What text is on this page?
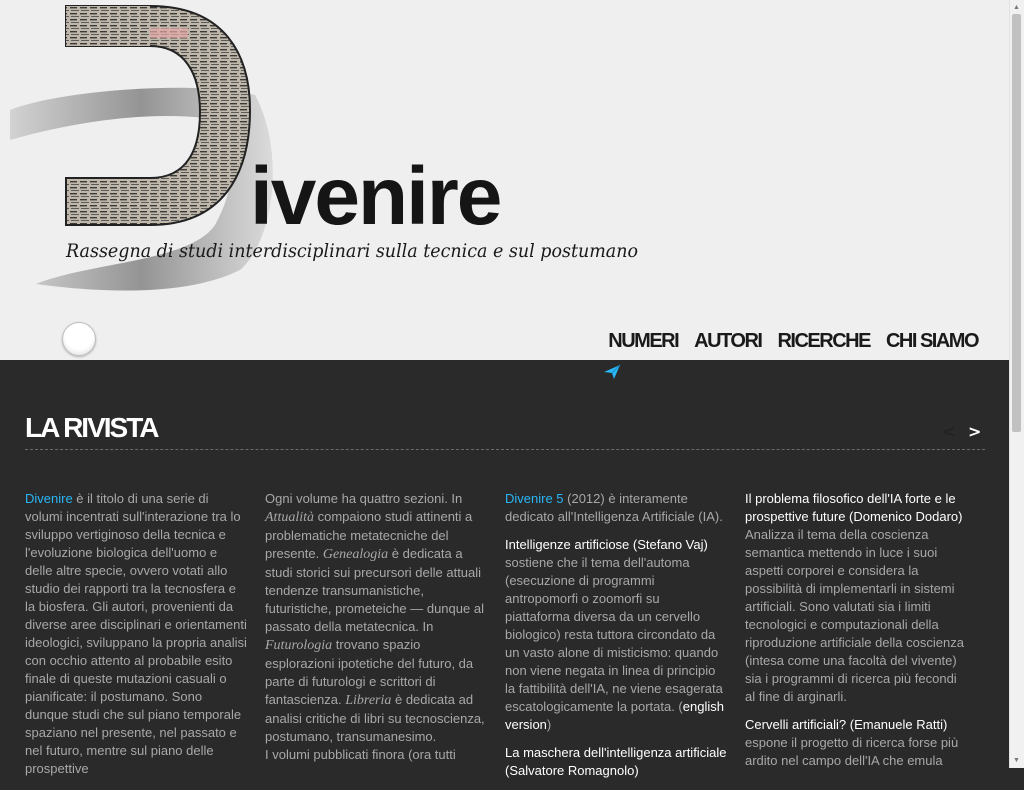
ivenire
Rassegna di studi interdisciplinari sulla tecnica e sul postumano
NUMERI AUTORI RICERCHE CHI SIAMO
LA RIVISTA	< >

Divenire è il titolo di una serie di volumi incentrati sull'interazione tra lo sviluppo vertiginoso della tecnica e l'evoluzione biologica dell'uomo e delle altre specie, ovvero votati allo studio dei rapporti tra la tecnosfera e la biosfera. Gli autori, provenienti da diverse aree disciplinari e orientamenti ideologici, sviluppano la propria analisi con occhio attento al probabile esito finale di queste mutazioni casuali o pianificate: il postumano. Sono dunque studi che sul piano temporale spaziano nel presente, nel passato e nel futuro, mentre sul piano delle prospettive

Ogni volume ha quattro sezioni. In Attualità compaiono studi attinenti a problematiche metatecniche del presente. Genealogia è dedicata a studi storici sui precursori delle attuali tendenze transumanistiche, futuristiche, prometeiche — dunque al passato della metatecnica. In Futurologia trovano spazio esplorazioni ipotetiche del futuro, da parte di futurologi e scrittori di fantascienza. Libreria è dedicata ad analisi critiche di libri su tecnoscienza, postumano, transumanesimo.

I volumi pubblicati finora (ora tutti

Divenire 5 (2012) è interamente dedicato all'Intelligenza Artificiale (IA).

Intelligenze artificiose (Stefano Vaj) sostiene che il tema dell'automa (esecuzione di programmi antropomorfi o zoomorfi su piattaforma diversa da un cervello biologico) resta tuttora circondato da un vasto alone di misticismo: quando non viene negata in linea di principio la fattibilità dell'IA, ne viene esagerata escatologicamente la portata. (english version)

La maschera dell'intelligenza artificiale (Salvatore Romagnolo)

Il problema filosofico dell'IA forte e le prospettive future (Domenico Dodaro) Analizza il tema della coscienza semantica mettendo in luce i suoi aspetti corporei e considera la possibilità di implementarli in sistemi artificiali. Sono valutati sia i limiti tecnologici e computazionali della riproduzione artificiale della coscienza (intesa come una facoltà del vivente) sia i programmi di ricerca più fecondi al fine di arginarli.

Cervelli artificiali? (Emanuele Ratti) espone il progetto di ricerca forse più ardito nel campo dell'IA che emula

▲
▼
